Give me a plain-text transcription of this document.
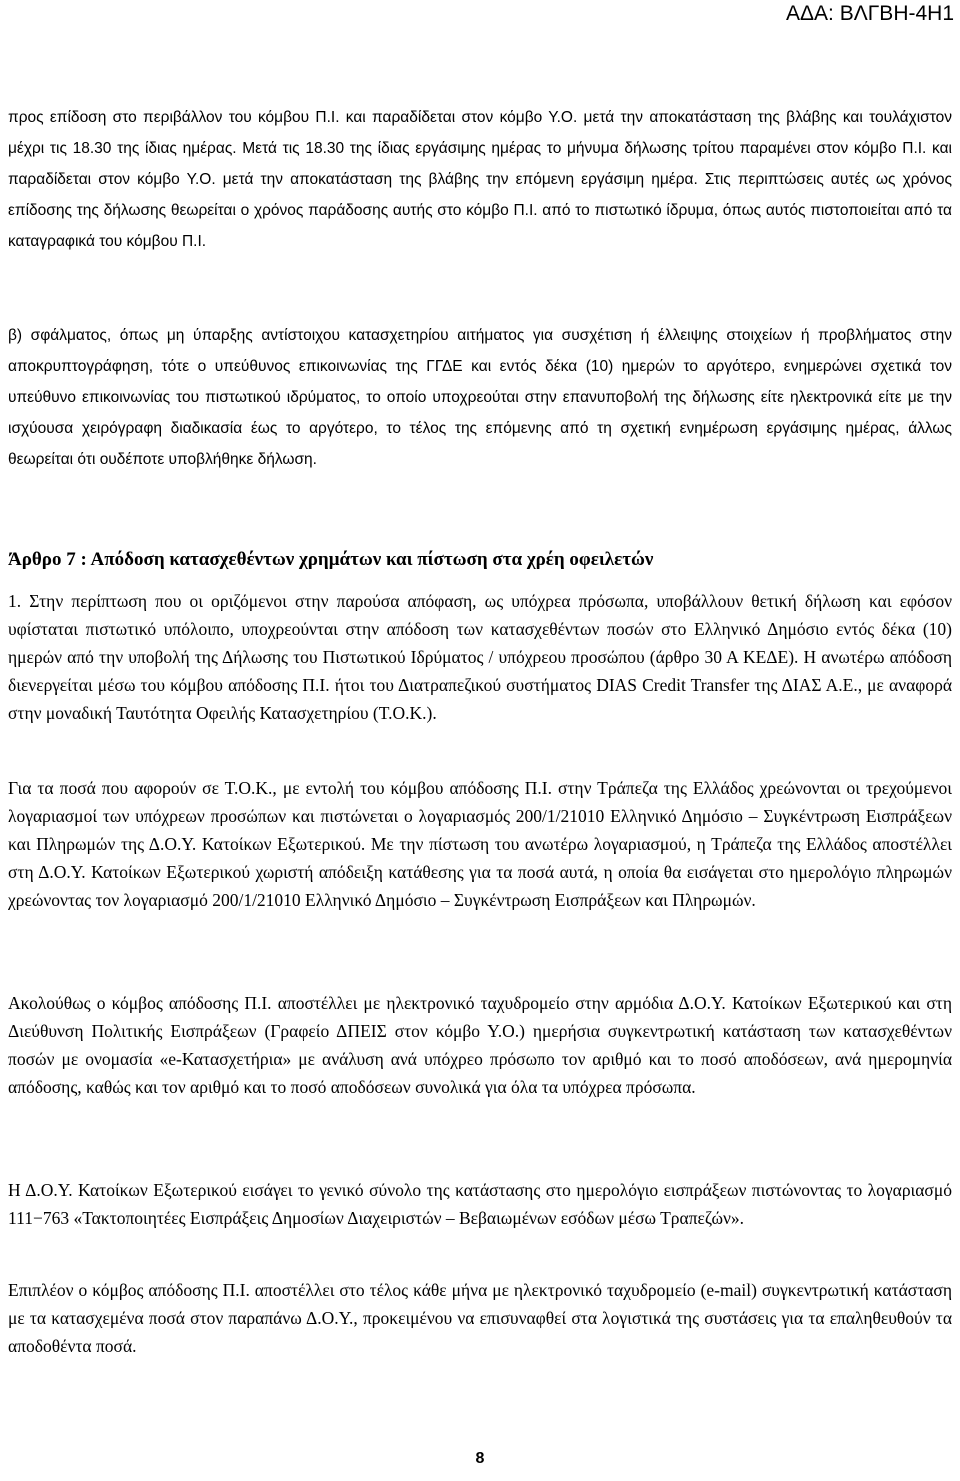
ΑΔΑ: ΒΛΓΒΗ-4Η1

προς επίδοση στο περιβάλλον του κόμβου Π.Ι. και παραδίδεται στον κόμβο Υ.Ο. μετά την αποκατάσταση της βλάβης και τουλάχιστον μέχρι τις 18.30 της ίδιας ημέρας. Μετά τις 18.30 της ίδιας εργάσιμης ημέρας το μήνυμα δήλωσης τρίτου παραμένει στον κόμβο Π.Ι. και παραδίδεται στον κόμβο Υ.Ο. μετά την αποκατάσταση της βλάβης την επόμενη εργάσιμη ημέρα. Στις περιπτώσεις αυτές ως χρόνος επίδοσης της δήλωσης θεωρείται ο χρόνος παράδοσης αυτής στο κόμβο Π.Ι. από το πιστωτικό ίδρυμα, όπως αυτός πιστοποιείται από τα καταγραφικά του κόμβου Π.Ι.

β) σφάλματος, όπως μη ύπαρξης αντίστοιχου κατασχετηρίου αιτήματος για συσχέτιση ή έλλειψης στοιχείων ή προβλήματος στην αποκρυπτογράφηση, τότε ο υπεύθυνος επικοινωνίας της ΓΓΔΕ και εντός δέκα (10) ημερών το αργότερο, ενημερώνει σχετικά τον υπεύθυνο επικοινωνίας του πιστωτικού ιδρύματος, το οποίο υποχρεούται στην επανυποβολή της δήλωσης είτε ηλεκτρονικά είτε με την ισχύουσα χειρόγραφη διαδικασία έως το αργότερο, το τέλος της επόμενης από τη σχετική ενημέρωση εργάσιμης ημέρας, άλλως θεωρείται ότι ουδέποτε υποβλήθηκε δήλωση.

Άρθρο 7 : Απόδοση κατασχεθέντων χρημάτων και πίστωση στα χρέη οφειλετών

1. Στην περίπτωση που οι οριζόμενοι στην παρούσα απόφαση, ως υπόχρεα πρόσωπα, υποβάλλουν θετική δήλωση και εφόσον υφίσταται πιστωτικό υπόλοιπο, υποχρεούνται στην απόδοση των κατασχεθέντων ποσών στο Ελληνικό Δημόσιο εντός δέκα (10) ημερών από την υποβολή της Δήλωσης του Πιστωτικού Ιδρύματος / υπόχρεου προσώπου (άρθρο 30 Α ΚΕΔΕ). Η ανωτέρω απόδοση διενεργείται μέσω του κόμβου απόδοσης Π.Ι. ήτοι του Διατραπεζικού συστήματος DIAS Credit Transfer της ΔΙΑΣ Α.Ε., με αναφορά στην μοναδική Ταυτότητα Οφειλής Κατασχετηρίου (Τ.Ο.Κ.).

Για τα ποσά που αφορούν σε Τ.Ο.Κ., με εντολή του κόμβου απόδοσης Π.Ι. στην Τράπεζα της Ελλάδος χρεώνονται οι τρεχούμενοι λογαριασμοί των υπόχρεων προσώπων και πιστώνεται ο λογαριασμός 200/1/21010 Ελληνικό Δημόσιο – Συγκέντρωση Εισπράξεων και Πληρωμών της Δ.Ο.Υ. Κατοίκων Εξωτερικού. Με την πίστωση του ανωτέρω λογαριασμού, η Τράπεζα της Ελλάδος αποστέλλει στη Δ.Ο.Υ. Κατοίκων Εξωτερικού χωριστή απόδειξη κατάθεσης για τα ποσά αυτά, η οποία θα εισάγεται στο ημερολόγιο πληρωμών χρεώνοντας τον λογαριασμό 200/1/21010 Ελληνικό Δημόσιο – Συγκέντρωση Εισπράξεων και Πληρωμών.

Ακολούθως ο κόμβος απόδοσης Π.Ι. αποστέλλει με ηλεκτρονικό ταχυδρομείο στην αρμόδια Δ.Ο.Υ. Κατοίκων Εξωτερικού και στη Διεύθυνση Πολιτικής Εισπράξεων (Γραφείο ΔΠΕΙΣ στον κόμβο Υ.Ο.) ημερήσια συγκεντρωτική κατάσταση των κατασχεθέντων ποσών με ονομασία «e-Κατασχετήρια» με ανάλυση ανά υπόχρεο πρόσωπο τον αριθμό και το ποσό αποδόσεων, ανά ημερομηνία απόδοσης, καθώς και τον αριθμό και το ποσό αποδόσεων συνολικά για όλα τα υπόχρεα πρόσωπα.

Η Δ.Ο.Υ. Κατοίκων Εξωτερικού εισάγει το γενικό σύνολο της κατάστασης στο ημερολόγιο εισπράξεων πιστώνοντας το λογαριασμό 111−763 «Τακτοποιητέες Εισπράξεις Δημοσίων Διαχειριστών – Βεβαιωμένων εσόδων μέσω Τραπεζών».

Επιπλέον ο κόμβος απόδοσης Π.Ι. αποστέλλει στο τέλος κάθε μήνα με ηλεκτρονικό ταχυδρομείο (e-mail) συγκεντρωτική κατάσταση με τα κατασχεμένα ποσά στον παραπάνω Δ.Ο.Υ., προκειμένου να επισυναφθεί στα λογιστικά της συστάσεις για τα επαληθευθούν τα αποδοθέντα ποσά.

8
